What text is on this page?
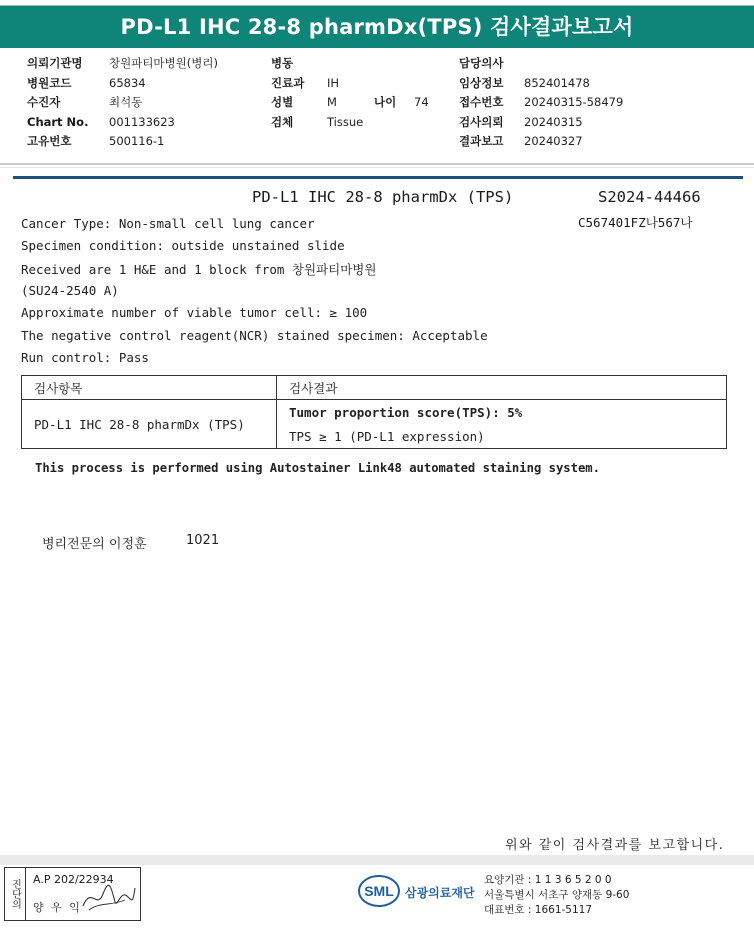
PD-L1 IHC 28-8 pharmDx(TPS) 검사결과보고서
의뢰기관명	창원파티마병원(병리)
병원코드	65834
수진자	최석동
Chart No.	001133623
고유번호	500116-1
병동
진료과	IH
성별	M	나이	74
검체	Tissue
담당의사
임상정보	852401478
접수번호	20240315-58479
검사의뢰	20240315
결과보고	20240327
PD-L1 IHC 28-8 pharmDx (TPS)	S2024-44466
C567401FZ나567나
Cancer Type: Non-small cell lung cancer
Specimen condition: outside unstained slide
Received are 1 H&E and 1 block from 창원파티마병원
(SU24-2540 A)
Approximate number of viable tumor cell: ≥ 100
The negative control reagent(NCR) stained specimen: Acceptable
Run control: Pass
검사항목	검사결과
PD-L1 IHC 28-8 pharmDx (TPS)	Tumor proportion score(TPS): 5%
	TPS ≥ 1 (PD-L1 expression)
This process is performed using Autostainer Link48 automated staining system.
병리전문의 이정훈	1021
위와 같이 검사결과를 보고합니다.
진단의	A.P 202/22934
양 우 익
SML 삼광의료재단
요양기관 : 1 1 3 6 5 2 0 0
서울특별시 서초구 양재동 9-60
대표번호 : 1661-5117
